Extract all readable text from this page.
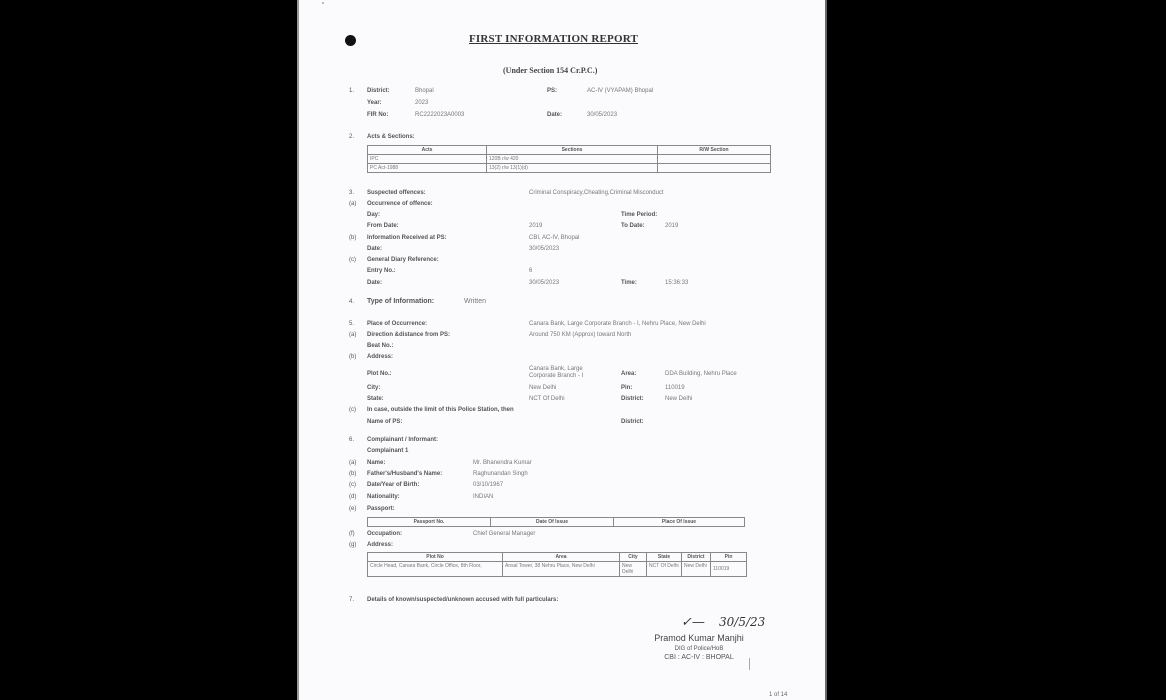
FIRST INFORMATION REPORT
(Under Section 154 Cr.P.C.)
1. District:	Bhopal	PS:	AC-IV (VYAPAM) Bhopal
Year:	2023
FIR No:	RC2222023A0003	Date:	30/05/2023
2. Acts & Sections:
Acts	Sections	R/W Section
IPC	120B r/w 420	
PC Act-1988	13(2) r/w 13(1)(d)	
3. Suspected offences:	Criminal Conspiracy,Cheating,Criminal Misconduct
(a) Occurrence of offence:
Day:	Time Period:
From Date:	2019	To Date:	2019
(b) Information Received at PS:	CBI, AC-IV, Bhopal
Date:	30/05/2023
(c) General Diary Reference:
Entry No.:	6
Date:	30/05/2023	Time:	15:36:33
4. Type of Information:	Written
5. Place of Occurrence:	Canara Bank, Large Corporate Branch - I, Nehru Place, New Delhi
(a) Direction &distance from PS:	Around 750 KM (Approx) toward North
Beat No.:
(b) Address:
Plot No.:
Canara Bank, Large Corporate Branch - I	Area:	DDA Building, Nehru Place
City:	New Delhi	Pin:	110019
State:	NCT Of Delhi	District:	New Delhi
(c) In case, outside the limit of this Police Station, then
Name of PS:	District:
6. Complainant / Informant:
Complainant 1
(a) Name:	Mr. Bhanendra Kumar
(b) Father's/Husband's Name:	Raghunandan Singh
(c) Date/Year of Birth:	03/10/1967
(d) Nationality:	INDIAN
(e) Passport:
Passport No.	Date Of Issue	Place Of Issue
(f) Occupation:	Chief General Manager
(g) Address:
Plot No	Area	City	State	District	Pin
Circle Head, Canara Bank, Circle Office, 8th Floor,	Ansal Tower, 38 Nehru Place, New Delhi	New Delhi	NCT Of Delhi	New Delhi	110019
7. Details of known/suspected/unknown accused with full particulars:
✓— 30/5/23
Pramod Kumar Manjhi
DIG of Police/HoB
CBI : AC-IV : BHOPAL
1 of 14
